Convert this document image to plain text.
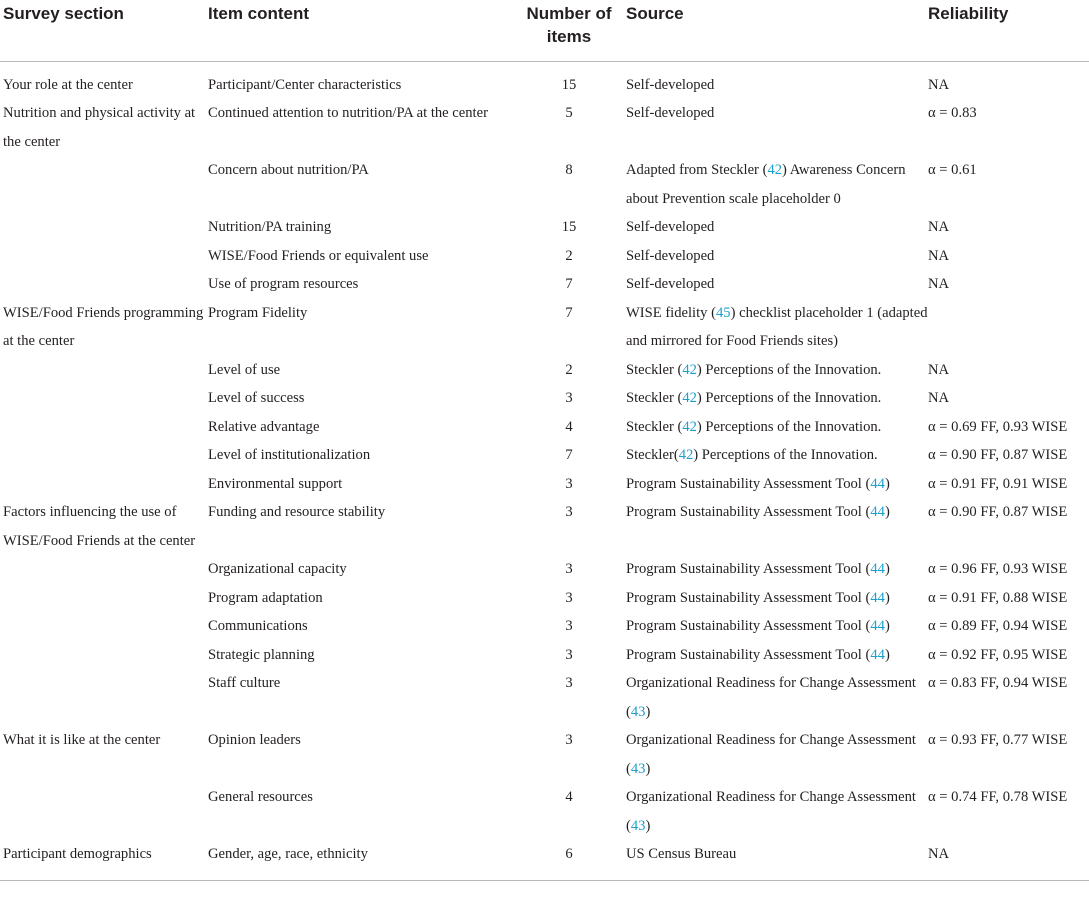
Survey section	Item content	Number of items	Source	Reliability
Your role at the center	Participant/Center characteristics	15	Self-developed	NA
Nutrition and physical activity at the center	Continued attention to nutrition/PA at the center	5	Self-developed	α = 0.83
	Concern about nutrition/PA	8	Adapted from Steckler (42) Awareness Concern about Prevention scale placeholder 0	α = 0.61
	Nutrition/PA training	15	Self-developed	NA
	WISE/Food Friends or equivalent use	2	Self-developed	NA
	Use of program resources	7	Self-developed	NA
WISE/Food Friends programming at the center	Program Fidelity	7	WISE fidelity (45) checklist placeholder 1 (adapted and mirrored for Food Friends sites)	
	Level of use	2	Steckler (42) Perceptions of the Innovation.	NA
	Level of success	3	Steckler (42) Perceptions of the Innovation.	NA
	Relative advantage	4	Steckler (42) Perceptions of the Innovation.	α = 0.69 FF, 0.93 WISE
	Level of institutionalization	7	Steckler(42) Perceptions of the Innovation.	α = 0.90 FF, 0.87 WISE
	Environmental support	3	Program Sustainability Assessment Tool (44)	α = 0.91 FF, 0.91 WISE
Factors influencing the use of WISE/Food Friends at the center	Funding and resource stability	3	Program Sustainability Assessment Tool (44)	α = 0.90 FF, 0.87 WISE
	Organizational capacity	3	Program Sustainability Assessment Tool (44)	α = 0.96 FF, 0.93 WISE
	Program adaptation	3	Program Sustainability Assessment Tool (44)	α = 0.91 FF, 0.88 WISE
	Communications	3	Program Sustainability Assessment Tool (44)	α = 0.89 FF, 0.94 WISE
	Strategic planning	3	Program Sustainability Assessment Tool (44)	α = 0.92 FF, 0.95 WISE
	Staff culture	3	Organizational Readiness for Change Assessment (43)	α = 0.83 FF, 0.94 WISE
What it is like at the center	Opinion leaders	3	Organizational Readiness for Change Assessment (43)	α = 0.93 FF, 0.77 WISE
	General resources	4	Organizational Readiness for Change Assessment (43)	α = 0.74 FF, 0.78 WISE
Participant demographics	Gender, age, race, ethnicity	6	US Census Bureau	NA
